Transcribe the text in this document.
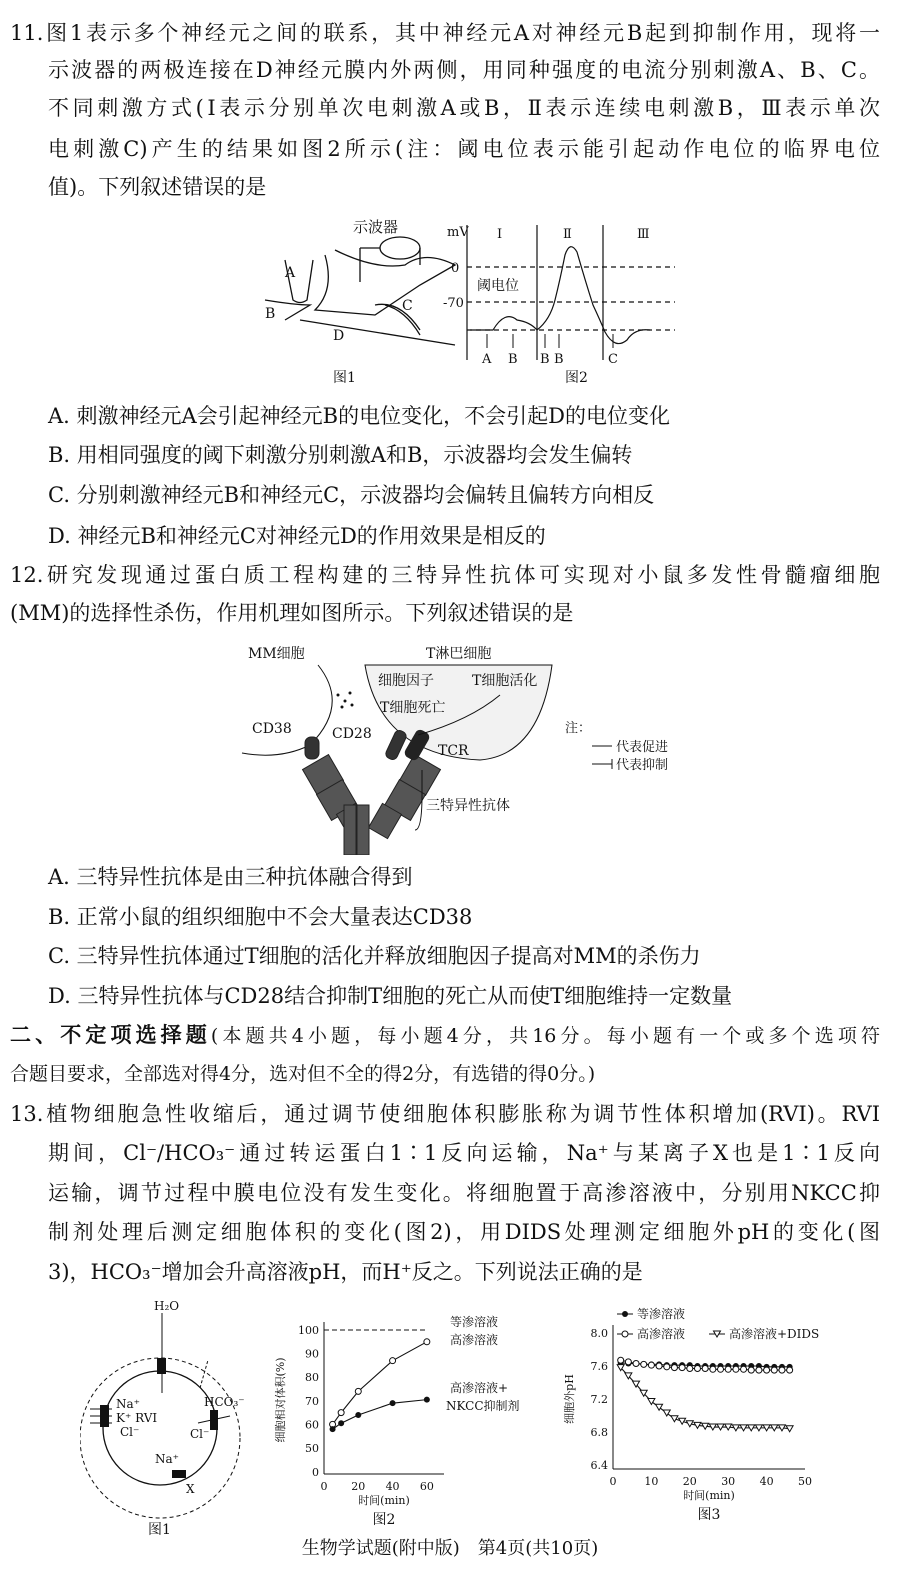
11.图1表示多个神经元之间的联系，其中神经元A对神经元B起到抑制作用，现将一
示波器的两极连接在D神经元膜内外两侧，用同种强度的电流分别刺激A、B、C。
不同刺激方式(Ⅰ表示分别单次电刺激A或B，Ⅱ表示连续电刺激B，Ⅲ表示单次
电刺激C)产生的结果如图2所示(注：阈电位表示能引起动作电位的临界电位
值)。下列叙述错误的是
示波器
A
B	C
D
图1
mV
0
-70
阈电位
Ⅰ	Ⅱ	Ⅲ
A B B B	C
图2
A. 刺激神经元A会引起神经元B的电位变化，不会引起D的电位变化
B. 用相同强度的阈下刺激分别刺激A和B，示波器均会发生偏转
C. 分别刺激神经元B和神经元C，示波器均会偏转且偏转方向相反
D. 神经元B和神经元C对神经元D的作用效果是相反的
12.研究发现通过蛋白质工程构建的三特异性抗体可实现对小鼠多发性骨髓瘤细胞
(MM)的选择性杀伤，作用机理如图所示。下列叙述错误的是
MM细胞	T淋巴细胞
细胞因子	T细胞活化
T细胞死亡
CD38	CD28
TCR
三特异性抗体
注：
代表促进
代表抑制
A. 三特异性抗体是由三种抗体融合得到
B. 正常小鼠的组织细胞中不会大量表达CD38
C. 三特异性抗体通过T细胞的活化并释放细胞因子提高对MM的杀伤力
D. 三特异性抗体与CD28结合抑制T细胞的死亡从而使T细胞维持一定数量
二、不定项选择题(本题共4小题，每小题4分，共16分。每小题有一个或多个选项符
合题目要求，全部选对得4分，选对但不全的得2分，有选错的得0分。)
13.植物细胞急性收缩后，通过调节使细胞体积膨胀称为调节性体积增加(RVI)。RVI
期间，Cl⁻/HCO₃⁻通过转运蛋白1∶1反向运输，Na⁺与某离子X也是1∶1反向
运输，调节过程中膜电位没有发生变化。将细胞置于高渗溶液中，分别用NKCC抑
制剂处理后测定细胞体积的变化(图2)，用DIDS处理测定细胞外pH的变化(图
3)，HCO₃⁻增加会升高溶液pH，而H⁺反之。下列说法正确的是
H₂O
Na⁺
K⁺ RVI
Cl⁻
HCO₃⁻
Cl⁻
Na⁺
X
图1
0 20 40 60
0
50
60
70
80
90
100
时间(min)
细胞相对体积(%)
图2
等渗溶液
高渗溶液
高渗溶液+
NKCC抑制剂
0	10 20 30 40 50
6.4
6.8
7.2
7.6
8.0
时间(min)
细胞外pH
图3
等渗溶液
高渗溶液	高渗溶液+DIDS
生物学试题(附中版)　第4页(共10页)
